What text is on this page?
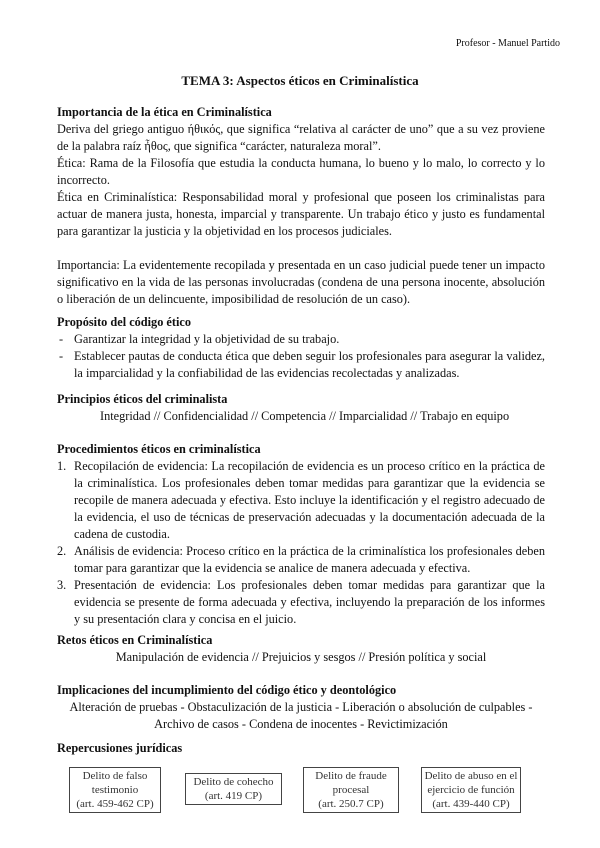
Profesor - Manuel Partido
TEMA 3: Aspectos éticos en Criminalística
Importancia de la ética en Criminalística

Deriva del griego antiguo ήθικός, que significa “relativa al carácter de uno” que a su vez proviene de la palabra raíz ἦθος, que significa “carácter, naturaleza moral”.

Ética: Rama de la Filosofía que estudia la conducta humana, lo bueno y lo malo, lo correcto y lo incorrecto.

Ética en Criminalística: Responsabilidad moral y profesional que poseen los criminalistas para actuar de manera justa, honesta, imparcial y transparente. Un trabajo ético y justo es fundamental para garantizar la justicia y la objetividad en los procesos judiciales.

Importancia: La evidentemente recopilada y presentada en un caso judicial puede tener un impacto significativo en la vida de las personas involucradas (condena de una persona inocente, absolución o liberación de un delincuente, imposibilidad de resolución de un caso).

Propósito del código ético
- Garantizar la integridad y la objetividad de su trabajo.
- Establecer pautas de conducta ética que deben seguir los profesionales para asegurar la validez, la imparcialidad y la confiabilidad de las evidencias recolectadas y analizadas.
Principios éticos del criminalista

Integridad // Confidencialidad // Competencia // Imparcialidad // Trabajo en equipo

Procedimientos éticos en criminalística
1. Recopilación de evidencia: La recopilación de evidencia es un proceso crítico en la práctica de la criminalística. Los profesionales deben tomar medidas para garantizar que la evidencia se recopile de manera adecuada y efectiva. Esto incluye la identificación y el registro adecuado de la evidencia, el uso de técnicas de preservación adecuadas y la documentación adecuada de la cadena de custodia.
2. Análisis de evidencia: Proceso crítico en la práctica de la criminalística los profesionales deben tomar para garantizar que la evidencia se analice de manera adecuada y efectiva.
3. Presentación de evidencia: Los profesionales deben tomar medidas para garantizar que la evidencia se presente de forma adecuada y efectiva, incluyendo la preparación de los informes y su presentación clara y concisa en el juicio.
Retos éticos en Criminalística

Manipulación de evidencia // Prejuicios y sesgos // Presión política y social

Implicaciones del incumplimiento del código ético y deontológico

Alteración de pruebas - Obstaculización de la justicia - Liberación o absolución de culpables -

Archivo de casos - Condena de inocentes - Revictimización

Repercusiones jurídicas
Delito de falso
testimonio
(art. 459-462 CP)
Delito de cohecho
(art. 419 CP)
Delito de fraude
procesal
(art. 250.7 CP)
Delito de abuso en el
ejercicio de función
(art. 439-440 CP)
